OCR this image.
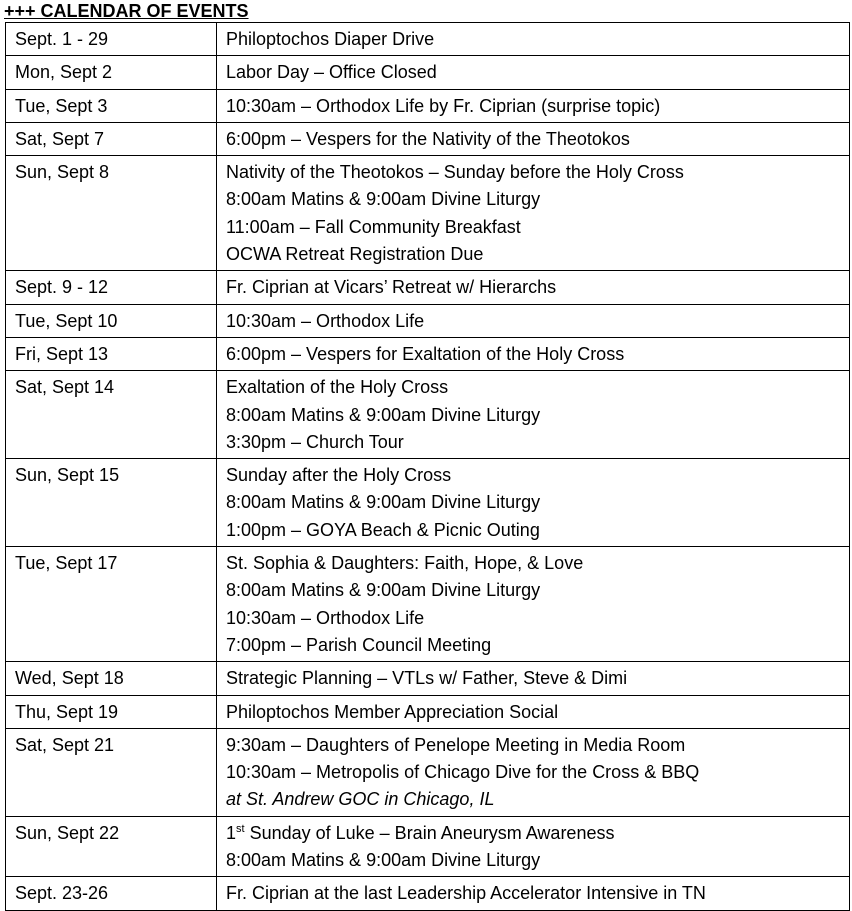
+++ CALENDAR OF EVENTS
Sept. 1 - 29	Philoptochos Diaper Drive

Mon, Sept 2	Labor Day – Office Closed

Tue, Sept 3	10:30am – Orthodox Life by Fr. Ciprian (surprise topic)

Sat, Sept 7	6:00pm – Vespers for the Nativity of the Theotokos

Sun, Sept 8	Nativity of the Theotokos – Sunday before the Holy Cross
8:00am Matins & 9:00am Divine Liturgy
11:00am – Fall Community Breakfast
OCWA Retreat Registration Due

Sept. 9 - 12	Fr. Ciprian at Vicars’ Retreat w/ Hierarchs

Tue, Sept 10	10:30am – Orthodox Life

Fri, Sept 13	6:00pm – Vespers for Exaltation of the Holy Cross

Sat, Sept 14	Exaltation of the Holy Cross
8:00am Matins & 9:00am Divine Liturgy
3:30pm – Church Tour

Sun, Sept 15	Sunday after the Holy Cross
8:00am Matins & 9:00am Divine Liturgy
1:00pm – GOYA Beach & Picnic Outing

Tue, Sept 17	St. Sophia & Daughters: Faith, Hope, & Love
8:00am Matins & 9:00am Divine Liturgy
10:30am – Orthodox Life
7:00pm – Parish Council Meeting

Wed, Sept 18	Strategic Planning – VTLs w/ Father, Steve & Dimi

Thu, Sept 19	Philoptochos Member Appreciation Social

Sat, Sept 21	9:30am – Daughters of Penelope Meeting in Media Room
10:30am – Metropolis of Chicago Dive for the Cross & BBQ
at St. Andrew GOC in Chicago, IL

Sun, Sept 22	1st Sunday of Luke – Brain Aneurysm Awareness
8:00am Matins & 9:00am Divine Liturgy

Sept. 23-26	Fr. Ciprian at the last Leadership Accelerator Intensive in TN
